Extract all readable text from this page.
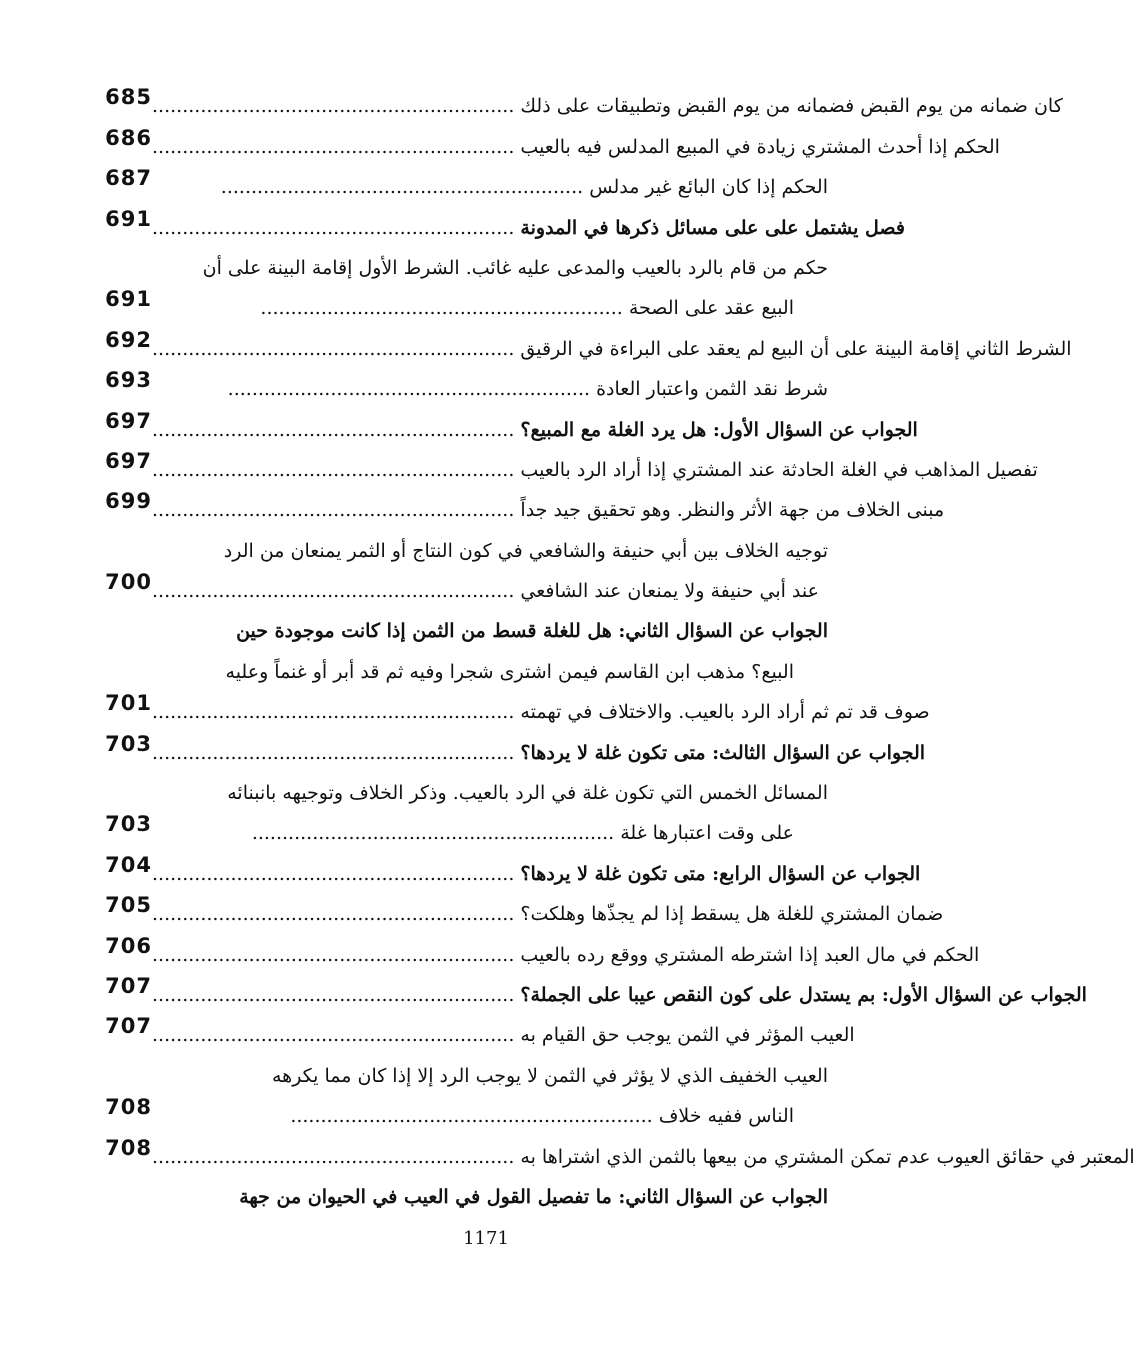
685	كان ضمانه من يوم القبض فضمانه من يوم القبض وتطبيقات على ذلك ............................................................
686	الحكم إذا أحدث المشتري زيادة في المبيع المدلس فيه بالعيب ............................................................
687	الحكم إذا كان البائع غير مدلس ............................................................
691	فصل يشتمل على على مسائل ذكرها في المدونة ............................................................
حكم من قام بالرد بالعيب والمدعى عليه غائب. الشرط الأول إقامة البينة على أن
691	البيع عقد على الصحة ............................................................
692	الشرط الثاني إقامة البينة على أن البيع لم يعقد على البراءة في الرقيق ............................................................
693	شرط نقد الثمن واعتبار العادة ............................................................
697	الجواب عن السؤال الأول: هل يرد الغلة مع المبيع؟ ............................................................
697	تفصيل المذاهب في الغلة الحادثة عند المشتري إذا أراد الرد بالعيب ............................................................
699	مبنى الخلاف من جهة الأثر والنظر. وهو تحقيق جيد جداً ............................................................
توجيه الخلاف بين أبي حنيفة والشافعي في كون النتاج أو الثمر يمنعان من الرد
700	عند أبي حنيفة ولا يمنعان عند الشافعي ............................................................
الجواب عن السؤال الثاني: هل للغلة قسط من الثمن إذا كانت موجودة حين
البيع؟ مذهب ابن القاسم فيمن اشترى شجرا وفيه ثم قد أبر أو غنماً وعليه
701	صوف قد تم ثم أراد الرد بالعيب. والاختلاف في تهمته ............................................................
703	الجواب عن السؤال الثالث: متى تكون غلة لا يردها؟ ............................................................
المسائل الخمس التي تكون غلة في الرد بالعيب. وذكر الخلاف وتوجيهه بانبنائه
703	على وقت اعتبارها غلة ............................................................
704	الجواب عن السؤال الرابع: متى تكون غلة لا يردها؟ ............................................................
705	ضمان المشتري للغلة هل يسقط إذا لم يجذّها وهلكت؟ ............................................................
706	الحكم في مال العبد إذا اشترطه المشتري ووقع رده بالعيب ............................................................
707	الجواب عن السؤال الأول: بم يستدل على كون النقص عيبا على الجملة؟ ............................................................
707	العيب المؤثر في الثمن يوجب حق القيام به ............................................................
العيب الخفيف الذي لا يؤثر في الثمن لا يوجب الرد إلا إذا كان مما يكرهه
708	الناس ففيه خلاف ............................................................
708	المعتبر في حقائق العيوب عدم تمكن المشتري من بيعها بالثمن الذي اشتراها به ............................................................
الجواب عن السؤال الثاني: ما تفصيل القول في العيب في الحيوان من جهة
1171
